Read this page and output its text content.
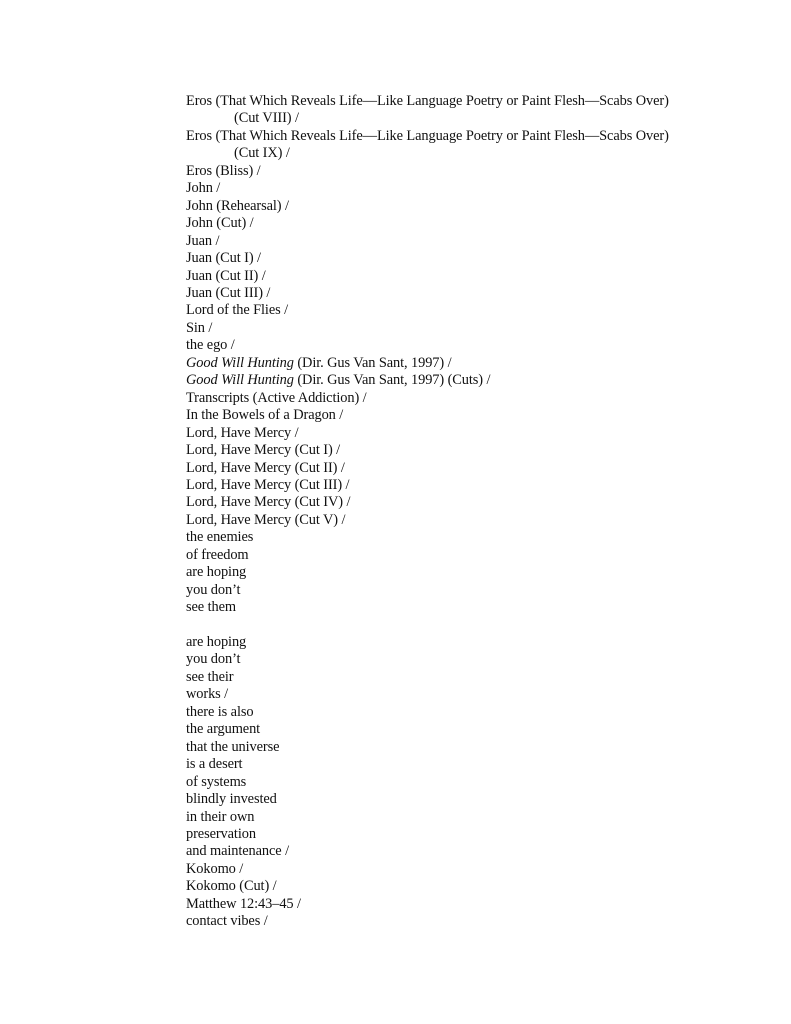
Eros (That Which Reveals Life—Like Language Poetry or Paint Flesh—Scabs Over)
(Cut VIII) /
Eros (That Which Reveals Life—Like Language Poetry or Paint Flesh—Scabs Over)
(Cut IX) /
Eros (Bliss) /
John /
John (Rehearsal) /
John (Cut) /
Juan /
Juan (Cut I) /
Juan (Cut II) /
Juan (Cut III) /
Lord of the Flies /
Sin /
the ego /
Good Will Hunting (Dir. Gus Van Sant, 1997) /
Good Will Hunting (Dir. Gus Van Sant, 1997) (Cuts) /
Transcripts (Active Addiction) /
In the Bowels of a Dragon /
Lord, Have Mercy /
Lord, Have Mercy (Cut I) /
Lord, Have Mercy (Cut II) /
Lord, Have Mercy (Cut III) /
Lord, Have Mercy (Cut IV) /
Lord, Have Mercy (Cut V) /
the enemies
of freedom
are hoping
you don’t
see them
are hoping
you don’t
see their
works /
there is also
the argument
that the universe
is a desert
of systems
blindly invested
in their own
preservation
and maintenance /
Kokomo /
Kokomo (Cut) /
Matthew 12:43–45 /
contact vibes /
